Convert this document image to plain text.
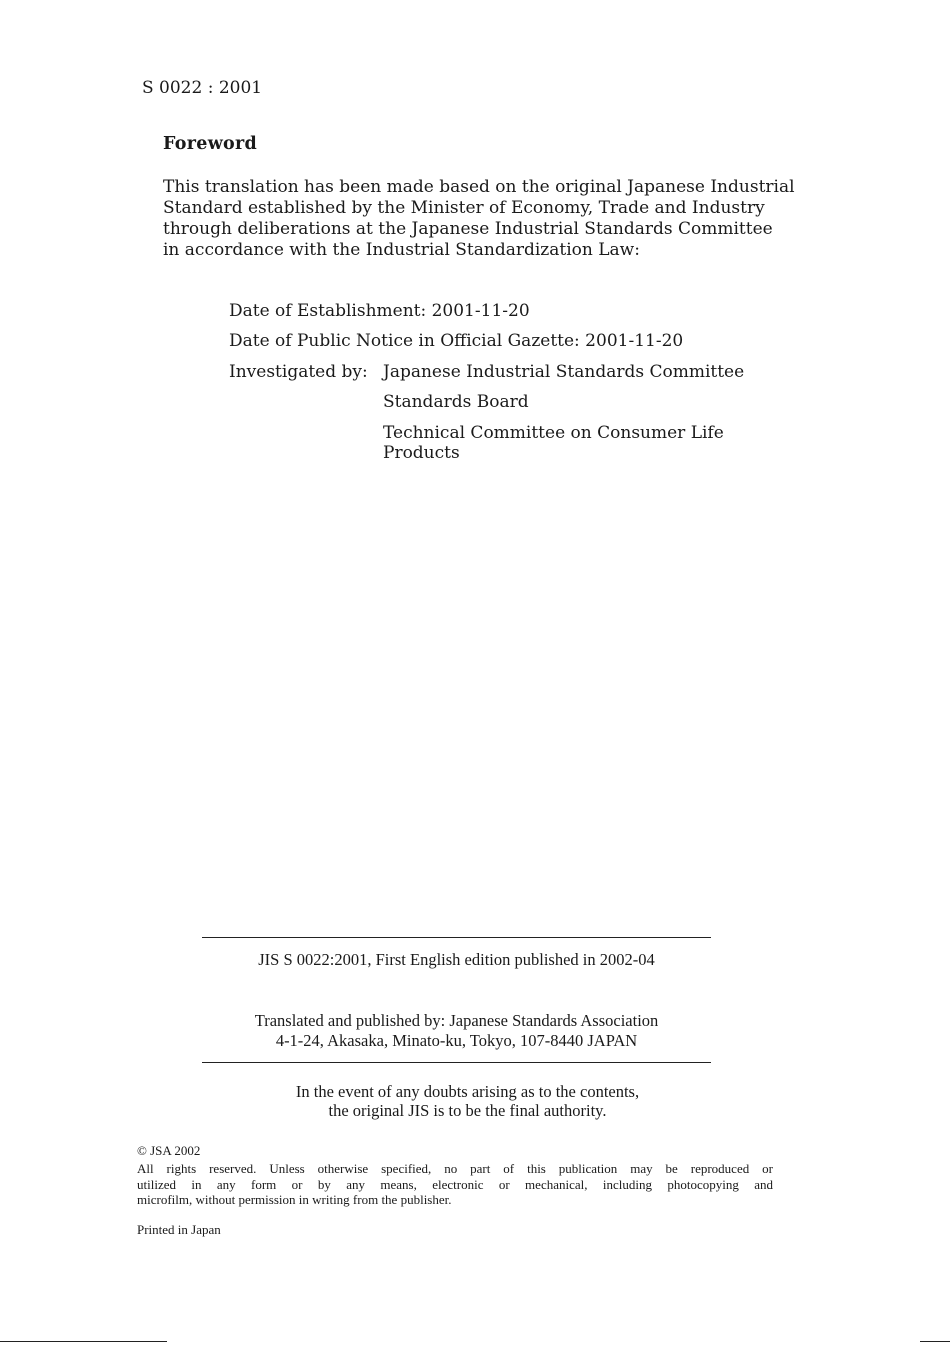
S 0022 : 2001
Foreword
This translation has been made based on the original Japanese Industrial
Standard established by the Minister of Economy, Trade and Industry
through deliberations at the Japanese Industrial Standards Committee
in accordance with the Industrial Standardization Law:
Date of Establishment: 2001-11-20
Date of Public Notice in Official Gazette: 2001-11-20
Investigated by: Japanese Industrial Standards Committee
Standards Board
Technical Committee on Consumer Life
Products
JIS S 0022:2001, First English edition published in 2002-04
Translated and published by: Japanese Standards Association
4-1-24, Akasaka, Minato-ku, Tokyo, 107-8440 JAPAN
In the event of any doubts arising as to the contents,
the original JIS is to be the final authority.
© JSA 2002
All rights reserved. Unless otherwise specified, no part of this publication may be reproduced or
utilized in any form or by any means, electronic or mechanical, including photocopying and
microfilm, without permission in writing from the publisher.
Printed in Japan
